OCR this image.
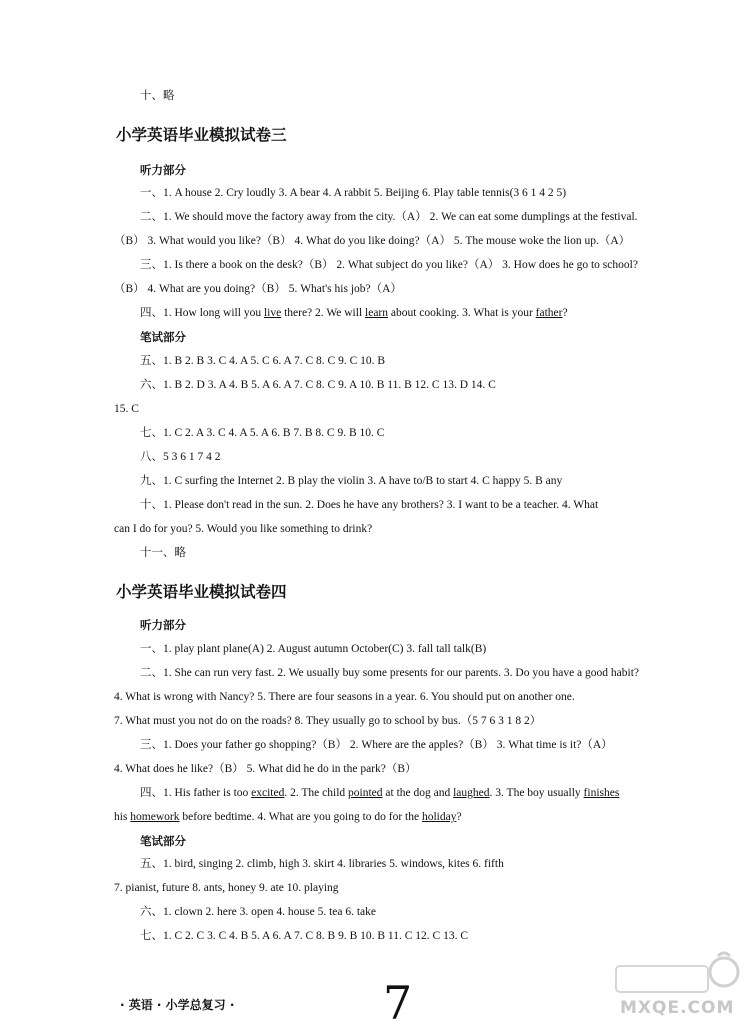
十、略
小学英语毕业模拟试卷三
听力部分
一、1. A house 2. Cry loudly 3. A bear 4. A rabbit 5. Beijing 6. Play table tennis(3 6 1 4 2 5)
二、1. We should move the factory away from the city.（A） 2. We can eat some dumplings at the festival.
（B） 3. What would you like?（B） 4. What do you like doing?（A） 5. The mouse woke the lion up.（A）
三、1. Is there a book on the desk?（B） 2. What subject do you like?（A） 3. How does he go to school?
（B） 4. What are you doing?（B） 5. What's his job?（A）
四、1. How long will you live there? 2. We will learn about cooking. 3. What is your father?
笔试部分
五、1. B 2. B 3. C 4. A 5. C 6. A 7. C 8. C 9. C 10. B
六、1. B 2. D 3. A 4. B 5. A 6. A 7. C 8. C 9. A 10. B 11. B 12. C 13. D 14. C
15. C
七、1. C 2. A 3. C 4. A 5. A 6. B 7. B 8. C 9. B 10. C
八、5 3 6 1 7 4 2
九、1. C surfing the Internet 2. B play the violin 3. A have to/B to start 4. C happy 5. B any
十、1. Please don't read in the sun. 2. Does he have any brothers? 3. I want to be a teacher. 4. What
can I do for you? 5. Would you like something to drink?
十一、略
小学英语毕业模拟试卷四
听力部分
一、1. play plant plane(A) 2. August autumn October(C) 3. fall tall talk(B)
二、1. She can run very fast. 2. We usually buy some presents for our parents. 3. Do you have a good habit?
4. What is wrong with Nancy? 5. There are four seasons in a year. 6. You should put on another one.
7. What must you not do on the roads? 8. They usually go to school by bus.（5 7 6 3 1 8 2）
三、1. Does your father go shopping?（B） 2. Where are the apples?（B） 3. What time is it?（A）
4. What does he like?（B） 5. What did he do in the park?（B）
四、1. His father is too excited. 2. The child pointed at the dog and laughed. 3. The boy usually finishes
his homework before bedtime. 4. What are you going to do for the holiday?
笔试部分
五、1. bird, singing 2. climb, high 3. skirt 4. libraries 5. windows, kites 6. fifth
7. pianist, future 8. ants, honey 9. ate 10. playing
六、1. clown 2. here 3. open 4. house 5. tea 6. take
七、1. C 2. C 3. C 4. B 5. A 6. A 7. C 8. B 9. B 10. B 11. C 12. C 13. C
· 英语 · 小学总复习 ·	7	MXQE.COM
